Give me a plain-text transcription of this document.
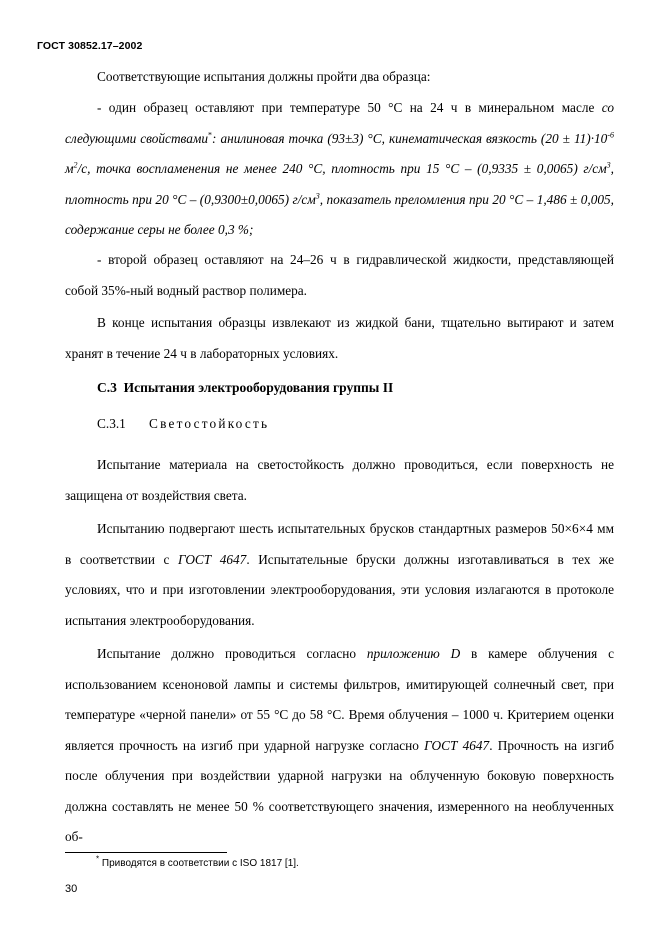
ГОСТ 30852.17–2002

Соответствующие испытания должны пройти два образца:

- один образец оставляют при температуре 50 °С на 24 ч в минеральном масле со следующими свойствами*: анилиновая точка (93±3) °С, кинематическая вязкость $(20 \pm 11)\cdot 10^{-6}$ $м^2/с$, точка воспламенения не менее 240 °С, плотность при 15 °С – (0,9335 ± 0,0065) $г/см^3$, плотность при 20 °С – (0,9300±0,0065) $г/см^3$, показатель преломления при 20 °С – 1,486 ± 0,005, содержание серы не более 0,3 %;

- второй образец оставляют на 24–26 ч в гидравлической жидкости, представляющей собой 35%-ный водный раствор полимера.

В конце испытания образцы извлекают из жидкой бани, тщательно вытирают и затем хранят в течение 24 ч в лабораторных условиях.

С.3 Испытания электрооборудования группы II
С.3.1 Светостойкость

Испытание материала на светостойкость должно проводиться, если поверхность не защищена от воздействия света.

Испытанию подвергают шесть испытательных брусков стандартных размеров 50×6×4 мм в соответствии с ГОСТ 4647. Испытательные бруски должны изготавливаться в тех же условиях, что и при изготовлении электрооборудования, эти условия излагаются в протоколе испытания электрооборудования.

Испытание должно проводиться согласно приложению D в камере облучения с использованием ксеноновой лампы и системы фильтров, имитирующей солнечный свет, при температуре «черной панели» от 55 °С до 58 °С. Время облучения – 1000 ч. Критерием оценки является прочность на изгиб при ударной нагрузке согласно ГОСТ 4647. Прочность на изгиб после облучения при воздействии ударной нагрузки на облученную боковую поверхность должна составлять не менее 50 % соответствующего значения, измеренного на необлученных об-

* Приводятся в соответствии с ISO 1817 [1].
30
